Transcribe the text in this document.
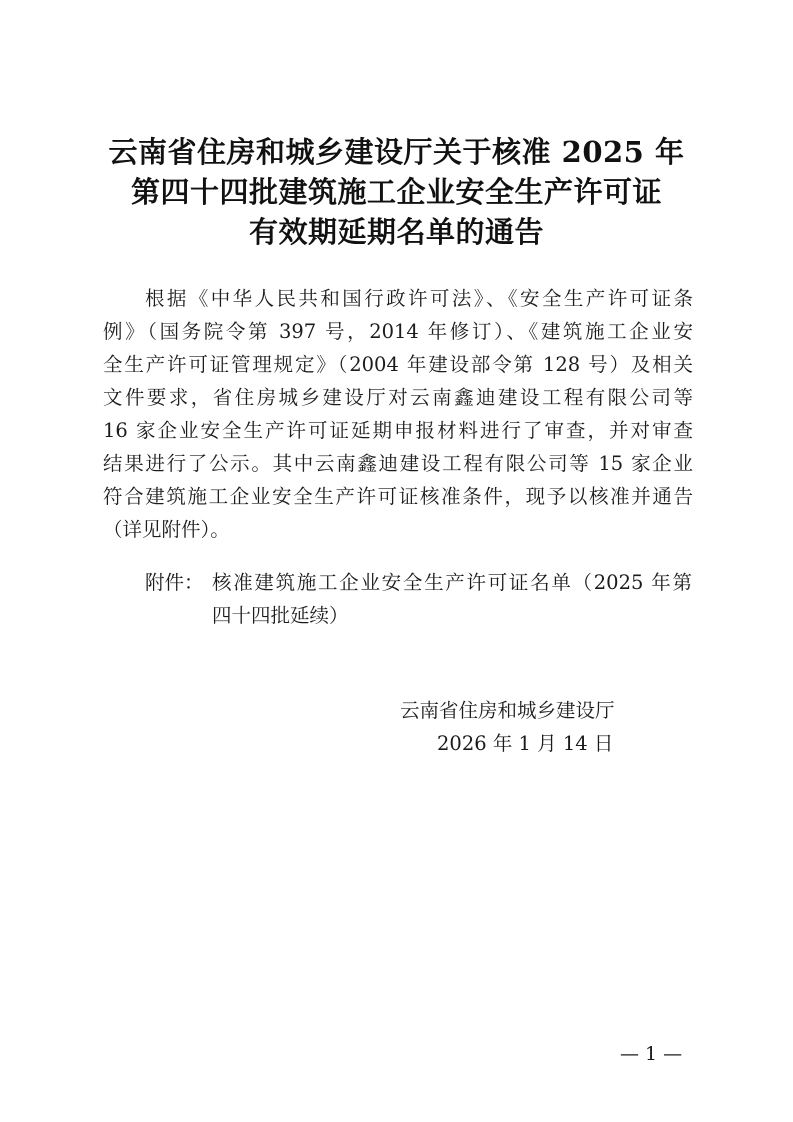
云南省住房和城乡建设厅关于核准 2025 年
第四十四批建筑施工企业安全生产许可证
有效期延期名单的通告
根据《中华人民共和国行政许可法》、《安全生产许可证条
例》（国务院令第 397 号，2014 年修订）、《建筑施工企业安
全生产许可证管理规定》（2004 年建设部令第 128 号）及相关
文件要求，省住房城乡建设厅对云南鑫迪建设工程有限公司等
16 家企业安全生产许可证延期申报材料进行了审查，并对审查
结果进行了公示。其中云南鑫迪建设工程有限公司等 15 家企业
符合建筑施工企业安全生产许可证核准条件，现予以核准并通告
（详见附件）。
附件： 核准建筑施工企业安全生产许可证名单（2025 年第
四十四批延续）
云南省住房和城乡建设厅
2026 年 1 月 14 日
— 1 —
